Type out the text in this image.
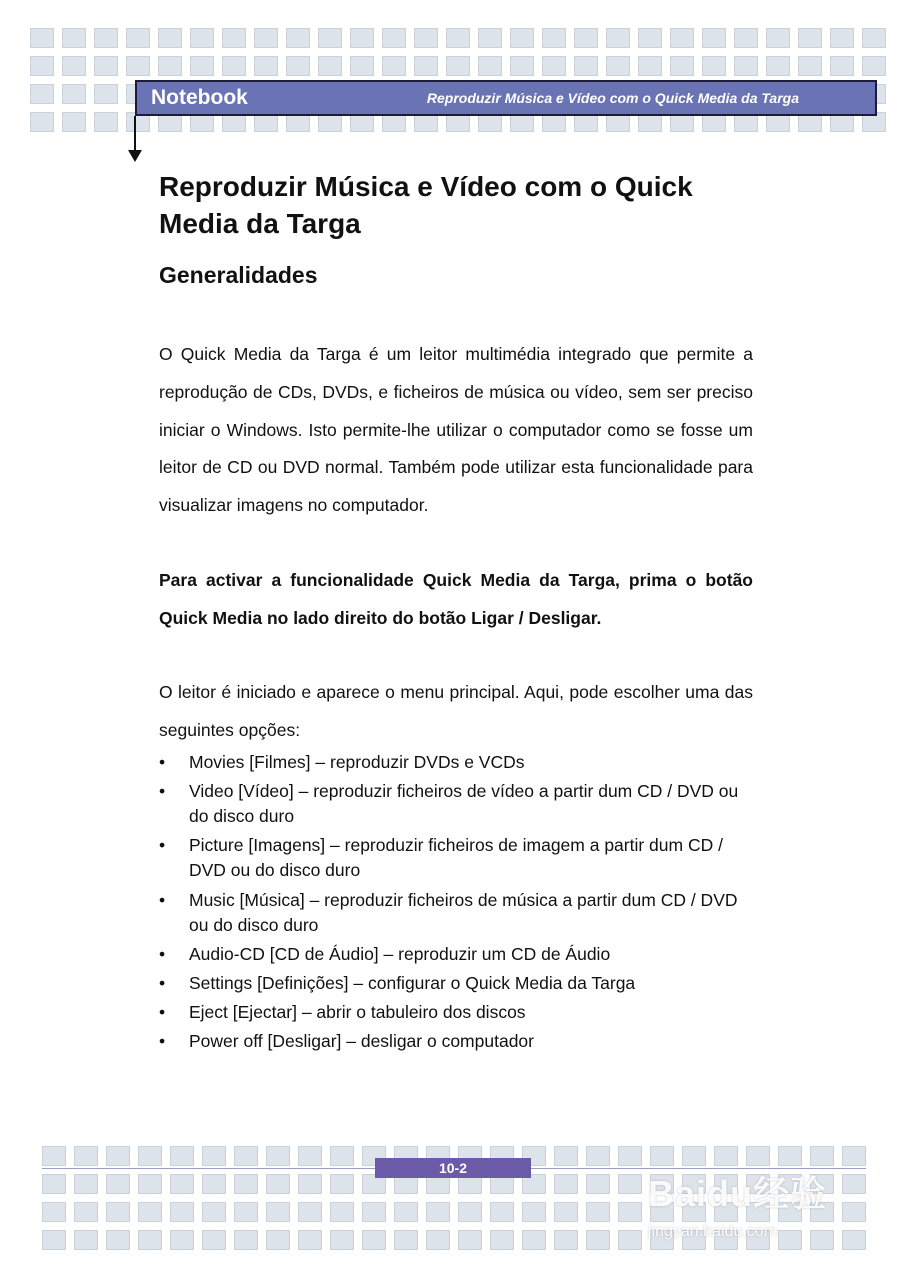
Notebook	Reproduzir Música e Vídeo com o Quick Media da Targa
Reproduzir Música e Vídeo com o Quick Media da Targa
Generalidades

O Quick Media da Targa é um leitor multimédia integrado que permite a reprodução de CDs, DVDs, e ficheiros de música ou vídeo, sem ser preciso iniciar o Windows. Isto permite-lhe utilizar o computador como se fosse um leitor de CD ou DVD normal. Também pode utilizar esta funcionalidade para visualizar imagens no computador.

Para activar a funcionalidade Quick Media da Targa, prima o botão Quick Media no lado direito do botão Ligar / Desligar.

O leitor é iniciado e aparece o menu principal. Aqui, pode escolher uma das seguintes opções:

• Movies [Filmes] – reproduzir DVDs e VCDs
• Video [Vídeo] – reproduzir ficheiros de vídeo a partir dum CD / DVD ou do disco duro
• Picture [Imagens] – reproduzir ficheiros de imagem a partir dum CD / DVD ou do disco duro
• Music [Música] – reproduzir ficheiros de música a partir dum CD / DVD ou do disco duro
• Audio-CD [CD de Áudio] – reproduzir um CD de Áudio
• Settings [Definições] – configurar o Quick Media da Targa
• Eject [Ejectar] – abrir o tabuleiro dos discos
• Power off [Desligar] – desligar o computador
10-2
Baidu经验
jingyan.baidu.com
